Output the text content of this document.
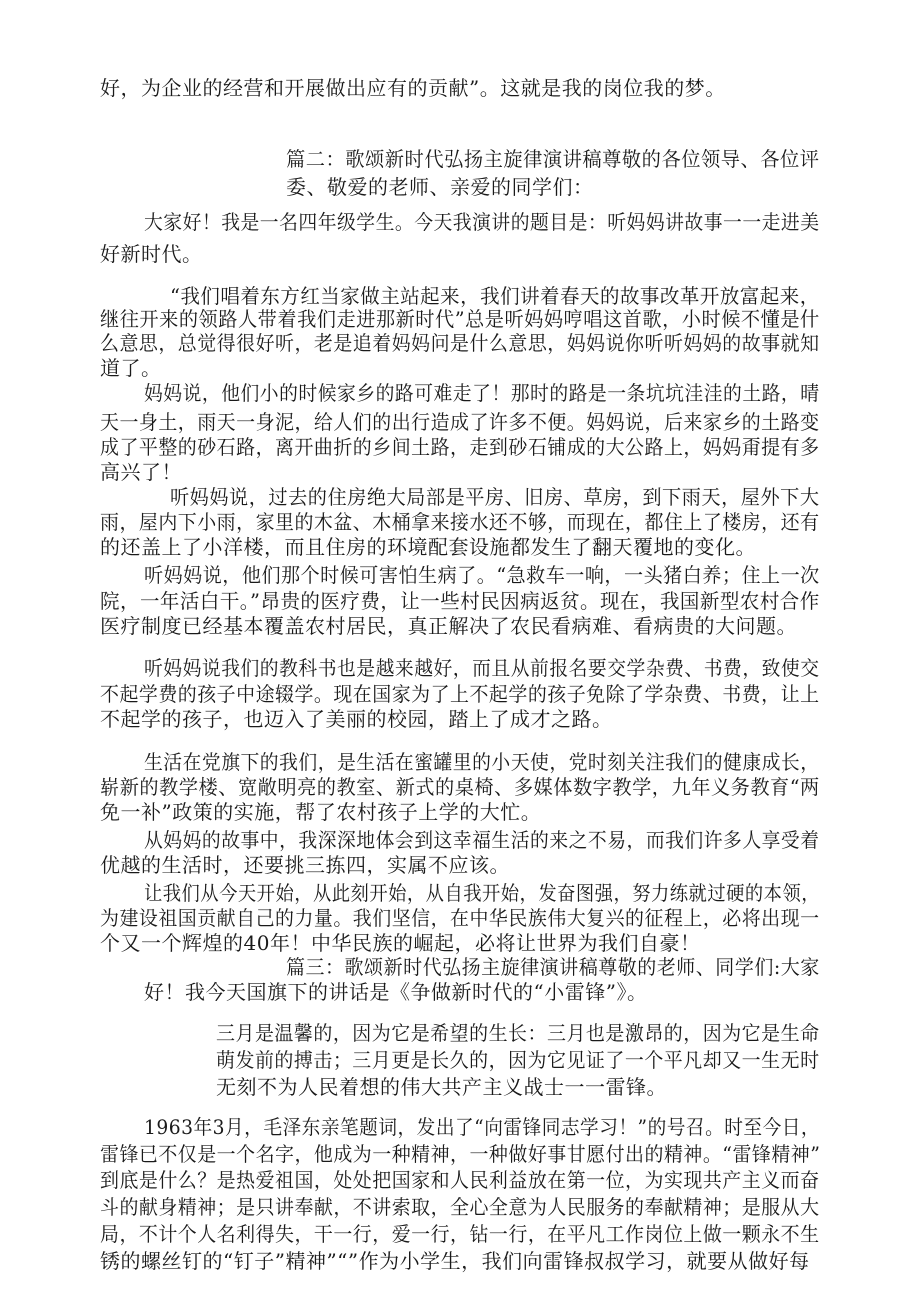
好，为企业的经营和开展做出应有的贡献”。这就是我的岗位我的梦。
篇二：歌颂新时代弘扬主旋律演讲稿尊敬的各位领导、各位评
委、敬爱的老师、亲爱的同学们：
大家好！我是一名四年级学生。今天我演讲的题目是：听妈妈讲故事一一走进美
好新时代。
“我们唱着东方红当家做主站起来，我们讲着春天的故事改革开放富起来，
继往开来的领路人带着我们走进那新时代”总是听妈妈哼唱这首歌，小时候不懂是什
么意思，总觉得很好听，老是追着妈妈问是什么意思，妈妈说你听听妈妈的故事就知
道了。
妈妈说，他们小的时候家乡的路可难走了！那时的路是一条坑坑洼洼的土路，晴
天一身土，雨天一身泥，给人们的出行造成了许多不便。妈妈说，后来家乡的土路变
成了平整的砂石路，离开曲折的乡间土路，走到砂石铺成的大公路上，妈妈甭提有多
高兴了！
听妈妈说，过去的住房绝大局部是平房、旧房、草房，到下雨天，屋外下大
雨，屋内下小雨，家里的木盆、木桶拿来接水还不够，而现在，都住上了楼房，还有
的还盖上了小洋楼，而且住房的环境配套设施都发生了翻天覆地的变化。
听妈妈说，他们那个时候可害怕生病了。“急救车一响，一头猪白养；住上一次
院，一年活白干。”昂贵的医疗费，让一些村民因病返贫。现在，我国新型农村合作
医疗制度已经基本覆盖农村居民，真正解决了农民看病难、看病贵的大问题。
听妈妈说我们的教科书也是越来越好，而且从前报名要交学杂费、书费，致使交
不起学费的孩子中途辍学。现在国家为了上不起学的孩子免除了学杂费、书费，让上
不起学的孩子，也迈入了美丽的校园，踏上了成才之路。
生活在党旗下的我们，是生活在蜜罐里的小天使，党时刻关注我们的健康成长，
崭新的教学楼、宽敞明亮的教室、新式的桌椅、多媒体数字教学，九年义务教育“两
免一补”政策的实施，帮了农村孩子上学的大忙。
从妈妈的故事中，我深深地体会到这幸福生活的来之不易，而我们许多人享受着
优越的生活时，还要挑三拣四，实属不应该。
让我们从今天开始，从此刻开始，从自我开始，发奋图强，努力练就过硬的本领，
为建设祖国贡献自己的力量。我们坚信，在中华民族伟大复兴的征程上，必将出现一
个又一个辉煌的40年！中华民族的崛起，必将让世界为我们自豪！
篇三：歌颂新时代弘扬主旋律演讲稿尊敬的老师、同学们:大家
好！我今天国旗下的讲话是《争做新时代的“小雷锋”》。
三月是温馨的，因为它是希望的生长：三月也是激昂的，因为它是生命
萌发前的搏击；三月更是长久的，因为它见证了一个平凡却又一生无时
无刻不为人民着想的伟大共产主义战士一一雷锋。
1963年3月，毛泽东亲笔题词，发出了“向雷锋同志学习！”的号召。时至今日，
雷锋已不仅是一个名字，他成为一种精神，一种做好事甘愿付出的精神。“雷锋精神”
到底是什么？是热爱祖国，处处把国家和人民利益放在第一位，为实现共产主义而奋
斗的献身精神；是只讲奉献，不讲索取，全心全意为人民服务的奉献精神；是服从大
局，不计个人名利得失，干一行，爱一行，钻一行，在平凡工作岗位上做一颗永不生
锈的螺丝钉的“钉子”精神”“”作为小学生，我们向雷锋叔叔学习，就要从做好每
